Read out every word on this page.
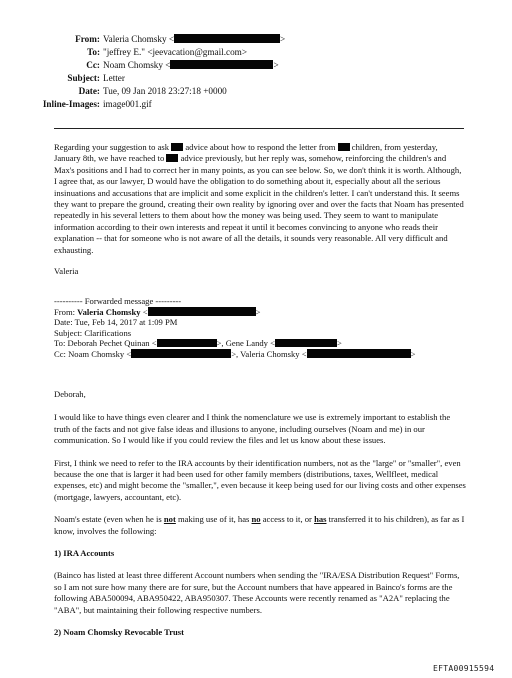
From: Valeria Chomsky <	>
To: "jeffrey E." <jeevacation@gmail.com>
Cc: Noam Chomsky <	>
Subject: Letter
Date: Tue, 09 Jan 2018 23:27:18 +0000
Inline-Images: image001.gif

Regarding your suggestion to ask advice about how to respond the letter from children, from yesterday, January 8th, we have reached to advice previously, but her reply was, somehow, reinforcing the children's and Max's positions and I had to correct her in many points, as you can see below. So, we don't think it is worth. Although, I agree that, as our lawyer, D would have the obligation to do something about it, especially about all the serious insinuations and accusations that are implicit and some explicit in the children's letter. I can't understand this. It seems they want to prepare the ground, creating their own reality by ignoring over and over the facts that Noam has presented repeatedly in his several letters to them about how the money was being used. They seem to want to manipulate information according to their own interests and repeat it until it becomes convincing to anyone who reads their explanation -- that for someone who is not aware of all the details, it sounds very reasonable. All very difficult and exhausting.

Valeria

---------- Forwarded message ---------
From: Valeria Chomsky <	>
Date: Tue, Feb 14, 2017 at 1:09 PM
Subject: Clarifications
To: Deborah Pechet Quinan <	>, Gene Landy <	>
Cc: Noam Chomsky <	>, Valeria Chomsky <	>

Deborah,

I would like to have things even clearer and I think the nomenclature we use is extremely important to establish the truth of the facts and not give false ideas and illusions to anyone, including ourselves (Noam and me) in our communication. So I would like if you could review the files and let us know about these issues.

First, I think we need to refer to the IRA accounts by their identification numbers, not as the "large" or "smaller", even because the one that is larger it had been used for other family members (distributions, taxes, Wellfleet, medical expenses, etc) and might become the "smaller,", even because it keep being used for our living costs and other expenses (mortgage, lawyers, accountant, etc).

Noam's estate (even when he is not making use of it, has no access to it, or has transferred it to his children), as far as I know, involves the following:

1) IRA Accounts

(Bainco has listed at least three different Account numbers when sending the "IRA/ESA Distribution Request" Forms, so I am not sure how many there are for sure, but the Account numbers that have appeared in Bainco's forms are the following ABA500094, ABA950422, ABA950307. These Accounts were recently renamed as "A2A" replacing the "ABA", but maintaining their following respective numbers.

2) Noam Chomsky Revocable Trust

EFTA00915594
